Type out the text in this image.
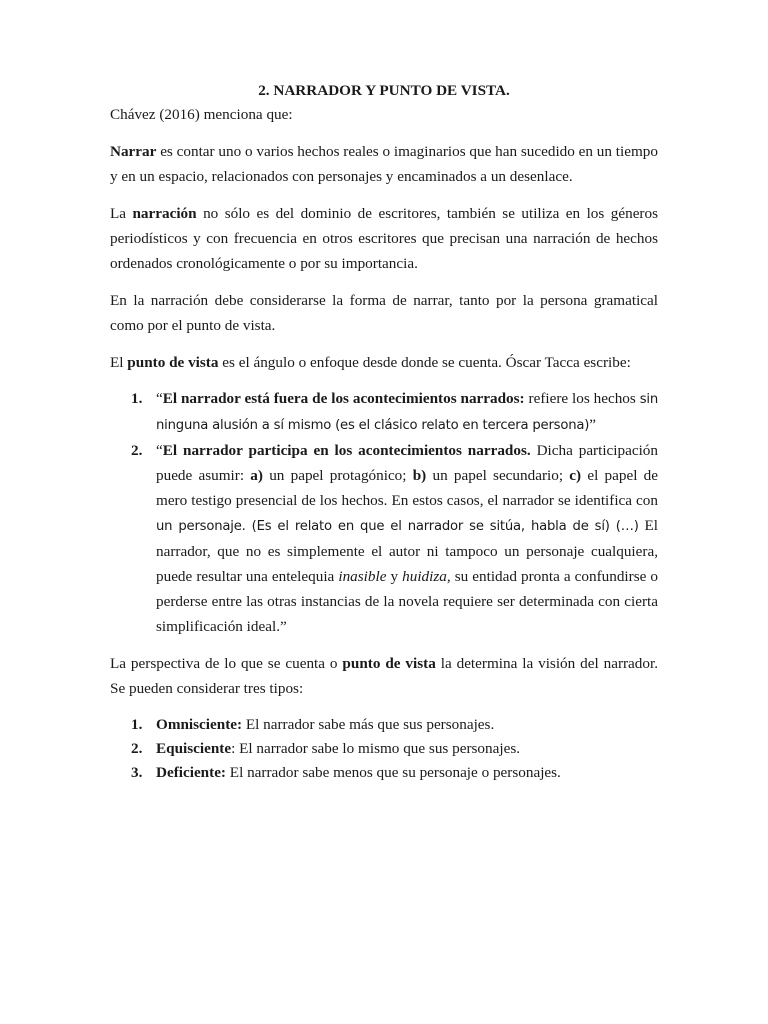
2. NARRADOR Y PUNTO DE VISTA.

Chávez (2016) menciona que:

Narrar es contar uno o varios hechos reales o imaginarios que han sucedido en un tiempo y en un espacio, relacionados con personajes y encaminados a un desenlace.

La narración no sólo es del dominio de escritores, también se utiliza en los géneros periodísticos y con frecuencia en otros escritores que precisan una narración de hechos ordenados cronológicamente o por su importancia.

En la narración debe considerarse la forma de narrar, tanto por la persona gramatical como por el punto de vista.

El punto de vista es el ángulo o enfoque desde donde se cuenta. Óscar Tacca escribe:

1. “El narrador está fuera de los acontecimientos narrados: refiere los hechos sin ninguna alusión a sí mismo (es el clásico relato en tercera persona)”
2. “El narrador participa en los acontecimientos narrados. Dicha participación puede asumir: a) un papel protagónico; b) un papel secundario; c) el papel de mero testigo presencial de los hechos. En estos casos, el narrador se identifica con un personaje. (Es el relato en que el narrador se sitúa, habla de sí) (…) El narrador, que no es simplemente el autor ni tampoco un personaje cualquiera, puede resultar una entelequia inasible y huidiza, su entidad pronta a confundirse o perderse entre las otras instancias de la novela requiere ser determinada con cierta simplificación ideal.”

La perspectiva de lo que se cuenta o punto de vista la determina la visión del narrador. Se pueden considerar tres tipos:

1. Omnisciente: El narrador sabe más que sus personajes.
2. Equisciente: El narrador sabe lo mismo que sus personajes.
3. Deficiente: El narrador sabe menos que su personaje o personajes.
